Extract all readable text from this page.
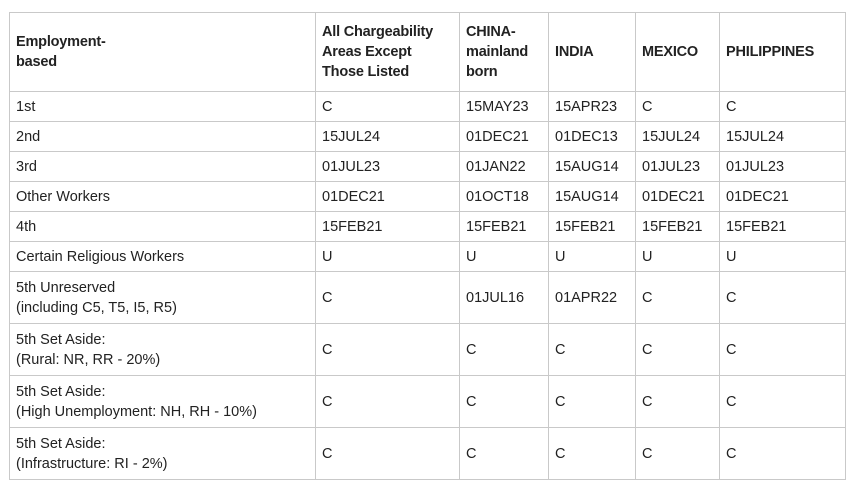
Employment-
based	All Chargeability
Areas Except
Those Listed	CHINA-
mainland
born	INDIA	MEXICO	PHILIPPINES

1st	C	15MAY23	15APR23	C	C

2nd	15JUL24	01DEC21	01DEC13	15JUL24	15JUL24

3rd	01JUL23	01JAN22	15AUG14	01JUL23	01JUL23

Other Workers	01DEC21	01OCT18	15AUG14	01DEC21	01DEC21

4th	15FEB21	15FEB21	15FEB21	15FEB21	15FEB21

Certain Religious Workers	U	U	U	U	U

5th Unreserved
(including C5, T5, I5, R5)	C	01JUL16	01APR22	C	C

5th Set Aside:
(Rural: NR, RR - 20%)	C	C	C	C	C

5th Set Aside:
(High Unemployment: NH, RH - 10%)	C	C	C	C	C

5th Set Aside:
(Infrastructure: RI - 2%)	C	C	C	C	C
